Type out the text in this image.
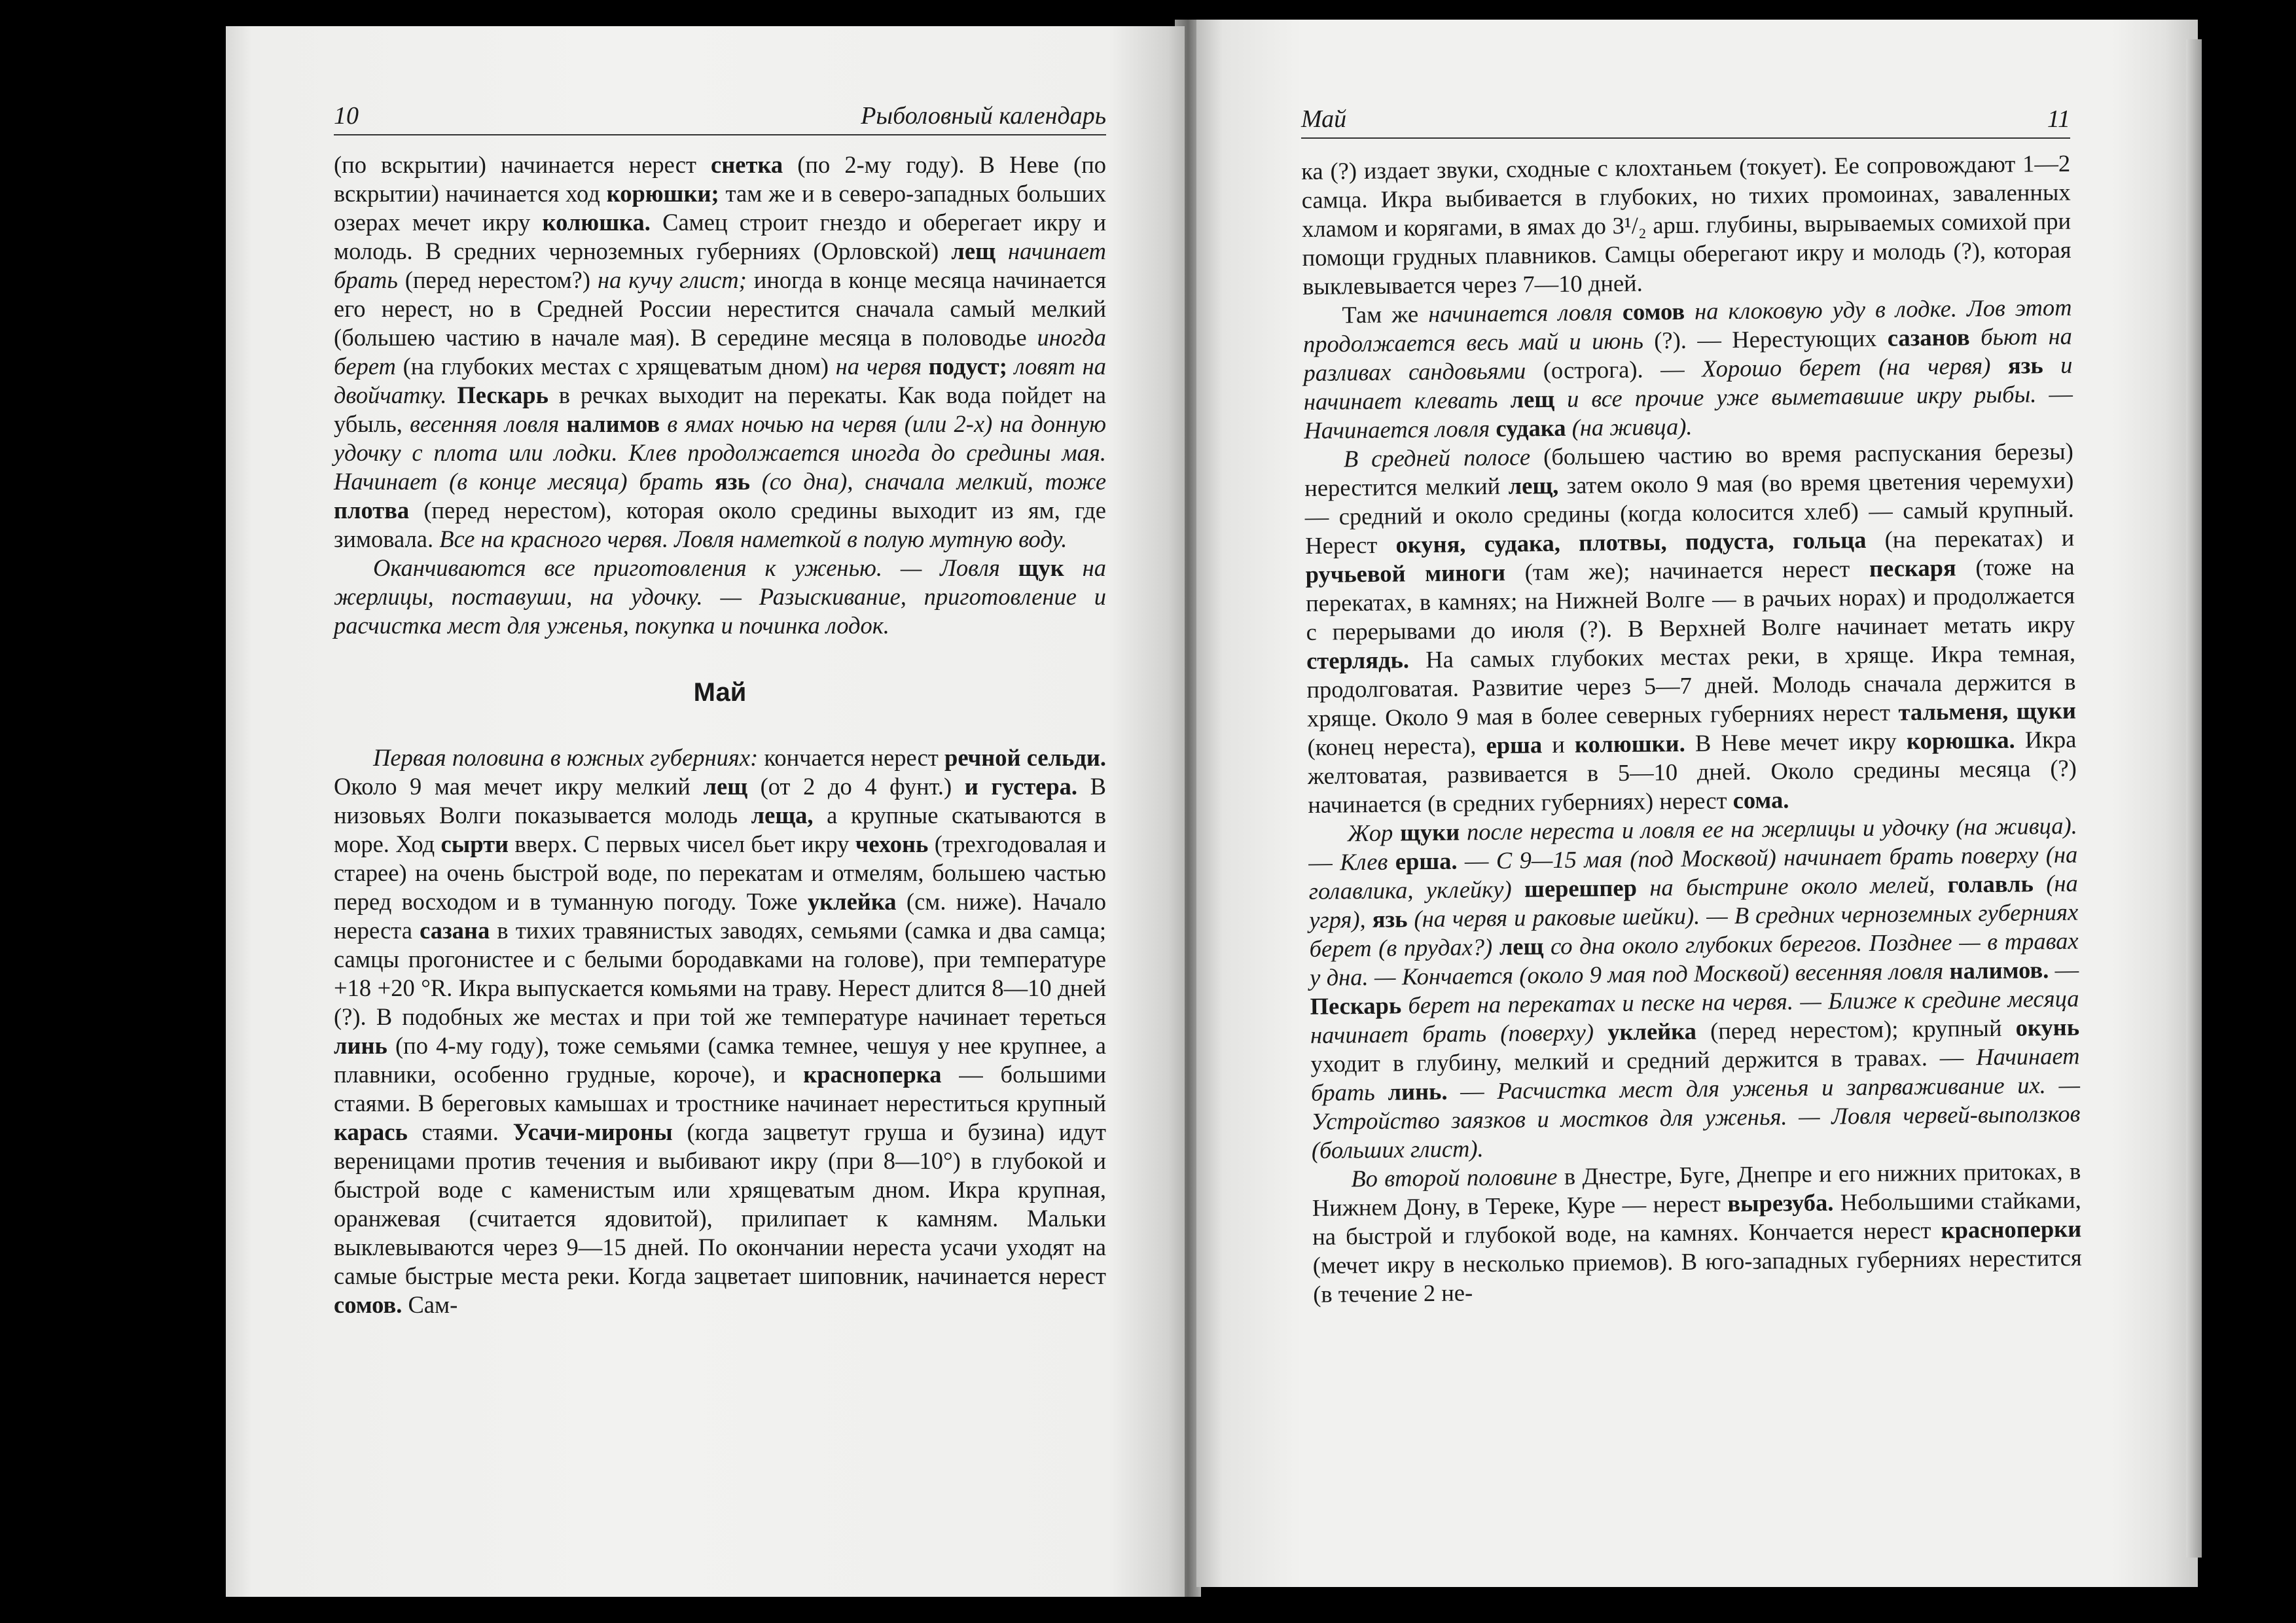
10	Рыболовный календарь

(по вскрытии) начинается нерест снетка (по 2-му году). В Неве (по вскрытии) начинается ход корюшки; там же и в северо-западных больших озерах мечет икру колюшка. Самец строит гнездо и оберегает икру и молодь. В средних черноземных губерниях (Орловской) лещ начинает брать (перед нерестом?) на кучу глист; иногда в конце месяца начинается его нерест, но в Средней России нерестится сначала самый мелкий (большею частию в начале мая). В середине месяца в половодье иногда берет (на глубоких местах с хрящеватым дном) на червя подуст; ловят на двойчатку. Пескарь в речках выходит на перекаты. Как вода пойдет на убыль, весенняя ловля налимов в ямах ночью на червя (или 2-х) на донную удочку с плота или лодки. Клев продолжается иногда до средины мая. Начинает (в конце месяца) брать язь (со дна), сначала мелкий, тоже плотва (перед нерестом), которая около средины выходит из ям, где зимовала. Все на красного червя. Ловля наметкой в полую мутную воду.

Оканчиваются все приготовления к уженью. — Ловля щук на жерлицы, поставуши, на удочку. — Разыскивание, приготовление и расчистка мест для уженья, покупка и починка лодок.

Май

Первая половина в южных губерниях: кончается нерест речной сельди. Около 9 мая мечет икру мелкий лещ (от 2 до 4 фунт.) и густера. В низовьях Волги показывается молодь леща, а крупные скатываются в море. Ход сырти вверх. С первых чисел бьет икру чехонь (трехгодовалая и старее) на очень быстрой воде, по перекатам и отмелям, большею частью перед восходом и в туманную погоду. Тоже уклейка (см. ниже). Начало нереста сазана в тихих травянистых заводях, семьями (самка и два самца; самцы прогонистее и с белыми бородавками на голове), при температуре +18 +20 °R. Икра выпускается комьями на траву. Нерест длится 8—10 дней (?). В подобных же местах и при той же температуре начинает тереться линь (по 4-му году), тоже семьями (самка темнее, чешуя у нее крупнее, а плавники, особенно грудные, короче), и красноперка — большими стаями. В береговых камышах и тростнике начинает нереститься крупный карась стаями. Усачи-мироны (когда зацветут груша и бузина) идут вереницами против течения и выбивают икру (при 8—10°) в глубокой и быстрой воде с каменистым или хрящеватым дном. Икра крупная, оранжевая (считается ядовитой), прилипает к камням. Мальки выклевываются через 9—15 дней. По окончании нереста усачи уходят на самые быстрые места реки. Когда зацветает шиповник, начинается нерест сомов. Сам-

Май	11

ка (?) издает звуки, сходные с клохтаньем (токует). Ее сопровождают 1—2 самца. Икра выбивается в глубоких, но тихих промоинах, заваленных хламом и корягами, в ямах до 3¹/₂ арш. глубины, вырываемых сомихой при помощи грудных плавников. Самцы оберегают икру и молодь (?), которая выклевывается через 7—10 дней.

Там же начинается ловля сомов на клоковую уду в лодке. Лов этот продолжается весь май и июнь (?). — Нерестующих сазанов бьют на разливах сандовьями (острога). — Хорошо берет (на червя) язь и начинает клевать лещ и все прочие уже выметавшие икру рыбы. — Начинается ловля судака (на живца).

В средней полосе (большею частию во время распускания березы) нерестится мелкий лещ, затем около 9 мая (во время цветения черемухи) — средний и около средины (когда колосится хлеб) — самый крупный. Нерест окуня, судака, плотвы, подуста, гольца (на перекатах) и ручьевой миноги (там же); начинается нерест пескаря (тоже на перекатах, в камнях; на Нижней Волге — в рачьих норах) и продолжается с перерывами до июля (?). В Верхней Волге начинает метать икру стерлядь. На самых глубоких местах реки, в хряще. Икра темная, продолговатая. Развитие через 5—7 дней. Молодь сначала держится в хряще. Около 9 мая в более северных губерниях нерест тальменя, щуки (конец нереста), ерша и колюшки. В Неве мечет икру корюшка. Икра желтоватая, развивается в 5—10 дней. Около средины месяца (?) начинается (в средних губерниях) нерест сома.

Жор щуки после нереста и ловля ее на жерлицы и удочку (на живца). — Клев ерша. — С 9—15 мая (под Москвой) начинает брать поверху (на голавлика, уклейку) шерешпер на быстрине около мелей, голавль (на угря), язь (на червя и раковые шейки). — В средних черноземных губерниях берет (в прудах?) лещ со дна около глубоких берегов. Позднее — в травах у дна. — Кончается (около 9 мая под Москвой) весенняя ловля налимов. — Пескарь берет на перекатах и песке на червя. — Ближе к средине месяца начинает брать (поверху) уклейка (перед нерестом); крупный окунь уходит в глубину, мелкий и средний держится в травах. — Начинает брать линь. — Расчистка мест для уженья и запрваживание их. — Устройство заязков и мостков для уженья. — Ловля червей-выползков (больших глист).

Во второй половине в Днестре, Буге, Днепре и его нижних притоках, в Нижнем Дону, в Тереке, Куре — нерест вырезуба. Небольшими стайками, на быстрой и глубокой воде, на камнях. Кончается нерест красноперки (мечет икру в несколько приемов). В юго-западных губерниях нерестится (в течение 2 не-
